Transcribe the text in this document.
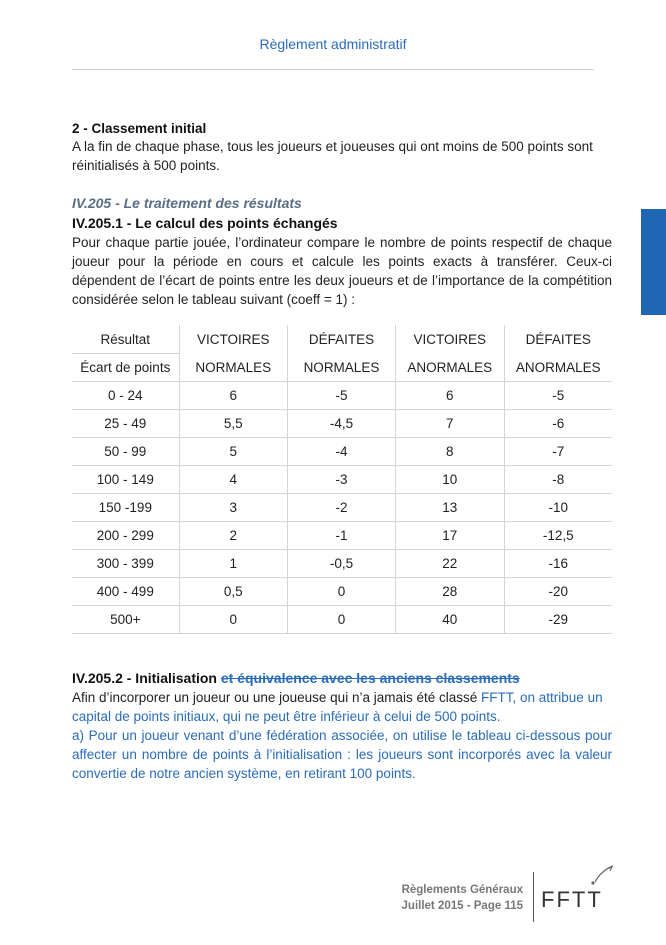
Règlement administratif
2 - Classement initial

A la fin de chaque phase, tous les joueurs et joueuses qui ont moins de 500 points sont réinitialisés à 500 points.

IV.205 - Le traitement des résultats
IV.205.1 - Le calcul des points échangés

Pour chaque partie jouée, l’ordinateur compare le nombre de points respectif de chaque joueur pour la période en cours et calcule les points exacts à transférer. Ceux-ci dépendent de l’écart de points entre les deux joueurs et de l’importance de la compétition considérée selon le tableau suivant (coeff = 1) :

Résultat	VICTOIRES	DÉFAITES	VICTOIRES	DÉFAITES
Écart de points	NORMALES	NORMALES	ANORMALES	ANORMALES
0 - 24	6	-5	6	-5
25 - 49	5,5	-4,5	7	-6
50 - 99	5	-4	8	-7
100 - 149	4	-3	10	-8
150 -199	3	-2	13	-10
200 - 299	2	-1	17	-12,5
300 - 399	1	-0,5	22	-16
400 - 499	0,5	0	28	-20
500+	0	0	40	-29
IV.205.2 - Initialisation et équivalence avec les anciens classements

Afin d’incorporer un joueur ou une joueuse qui n’a jamais été classé FFTT, on attribue un capital de points initiaux, qui ne peut être inférieur à celui de 500 points.

a) Pour un joueur venant d’une fédération associée, on utilise le tableau ci-dessous pour affecter un nombre de points à l’initialisation : les joueurs sont incorporés avec la valeur convertie de notre ancien système, en retirant 100 points.

Règlements Généraux
Juillet 2015 - Page 115 FFTT
